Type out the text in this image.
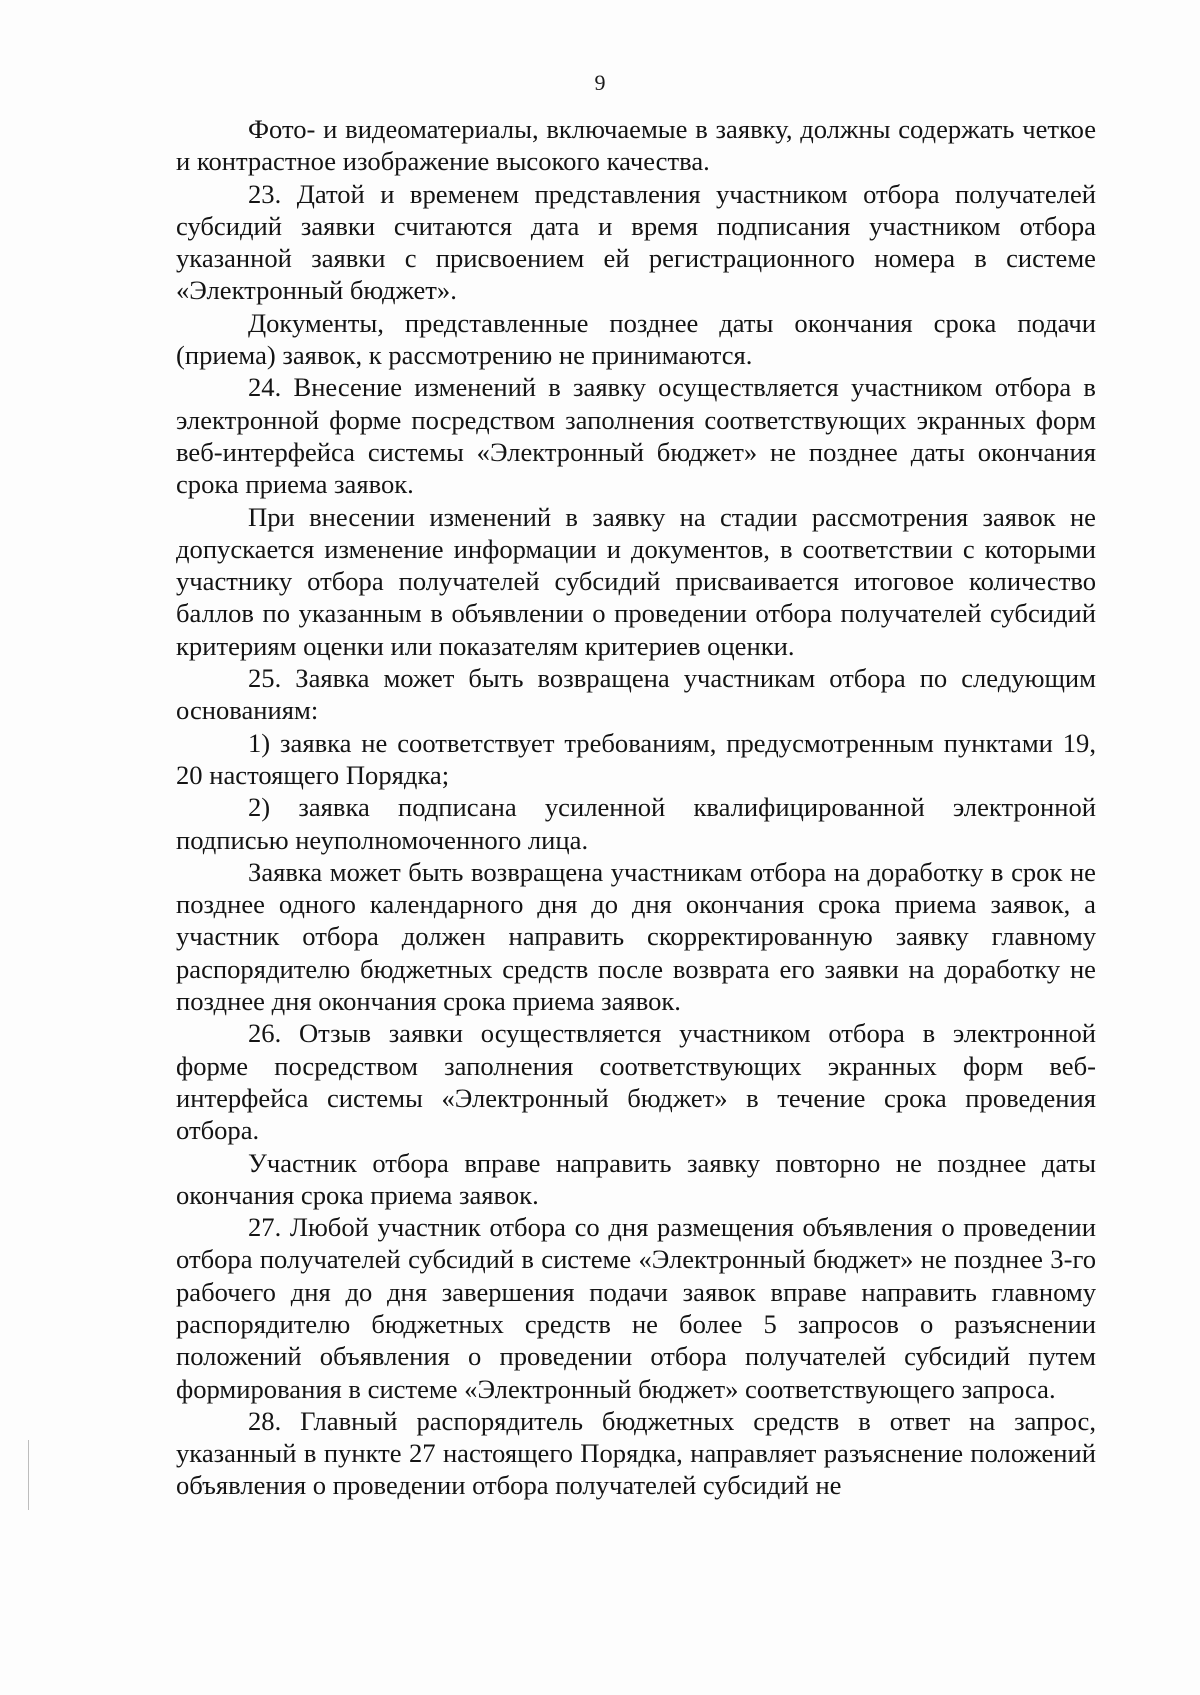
9

Фото- и видеоматериалы, включаемые в заявку, должны содержать четкое и контрастное изображение высокого качества.

23. Датой и временем представления участником отбора получателей субсидий заявки считаются дата и время подписания участником отбора указанной заявки с присвоением ей регистрационного номера в системе «Электронный бюджет».

Документы, представленные позднее даты окончания срока подачи (приема) заявок, к рассмотрению не принимаются.

24. Внесение изменений в заявку осуществляется участником отбора в электронной форме посредством заполнения соответствующих экранных форм веб-интерфейса системы «Электронный бюджет» не позднее даты окончания срока приема заявок.

При внесении изменений в заявку на стадии рассмотрения заявок не допускается изменение информации и документов, в соответствии с которыми участнику отбора получателей субсидий присваивается итоговое количество баллов по указанным в объявлении о проведении отбора получателей субсидий критериям оценки или показателям критериев оценки.

25. Заявка может быть возвращена участникам отбора по следующим основаниям:

1) заявка не соответствует требованиям, предусмотренным пунктами 19, 20 настоящего Порядка;

2) заявка подписана усиленной квалифицированной электронной подписью неуполномоченного лица.

Заявка может быть возвращена участникам отбора на доработку в срок не позднее одного календарного дня до дня окончания срока приема заявок, а участник отбора должен направить скорректированную заявку главному распорядителю бюджетных средств после возврата его заявки на доработку не позднее дня окончания срока приема заявок.

26. Отзыв заявки осуществляется участником отбора в электронной форме посредством заполнения соответствующих экранных форм веб-интерфейса системы «Электронный бюджет» в течение срока проведения отбора.

Участник отбора вправе направить заявку повторно не позднее даты окончания срока приема заявок.

27. Любой участник отбора со дня размещения объявления о проведении отбора получателей субсидий в системе «Электронный бюджет» не позднее 3-го рабочего дня до дня завершения подачи заявок вправе направить главному распорядителю бюджетных средств не более 5 запросов о разъяснении положений объявления о проведении отбора получателей субсидий путем формирования в системе «Электронный бюджет» соответствующего запроса.

28. Главный распорядитель бюджетных средств в ответ на запрос, указанный в пункте 27 настоящего Порядка, направляет разъяснение положений объявления о проведении отбора получателей субсидий не
